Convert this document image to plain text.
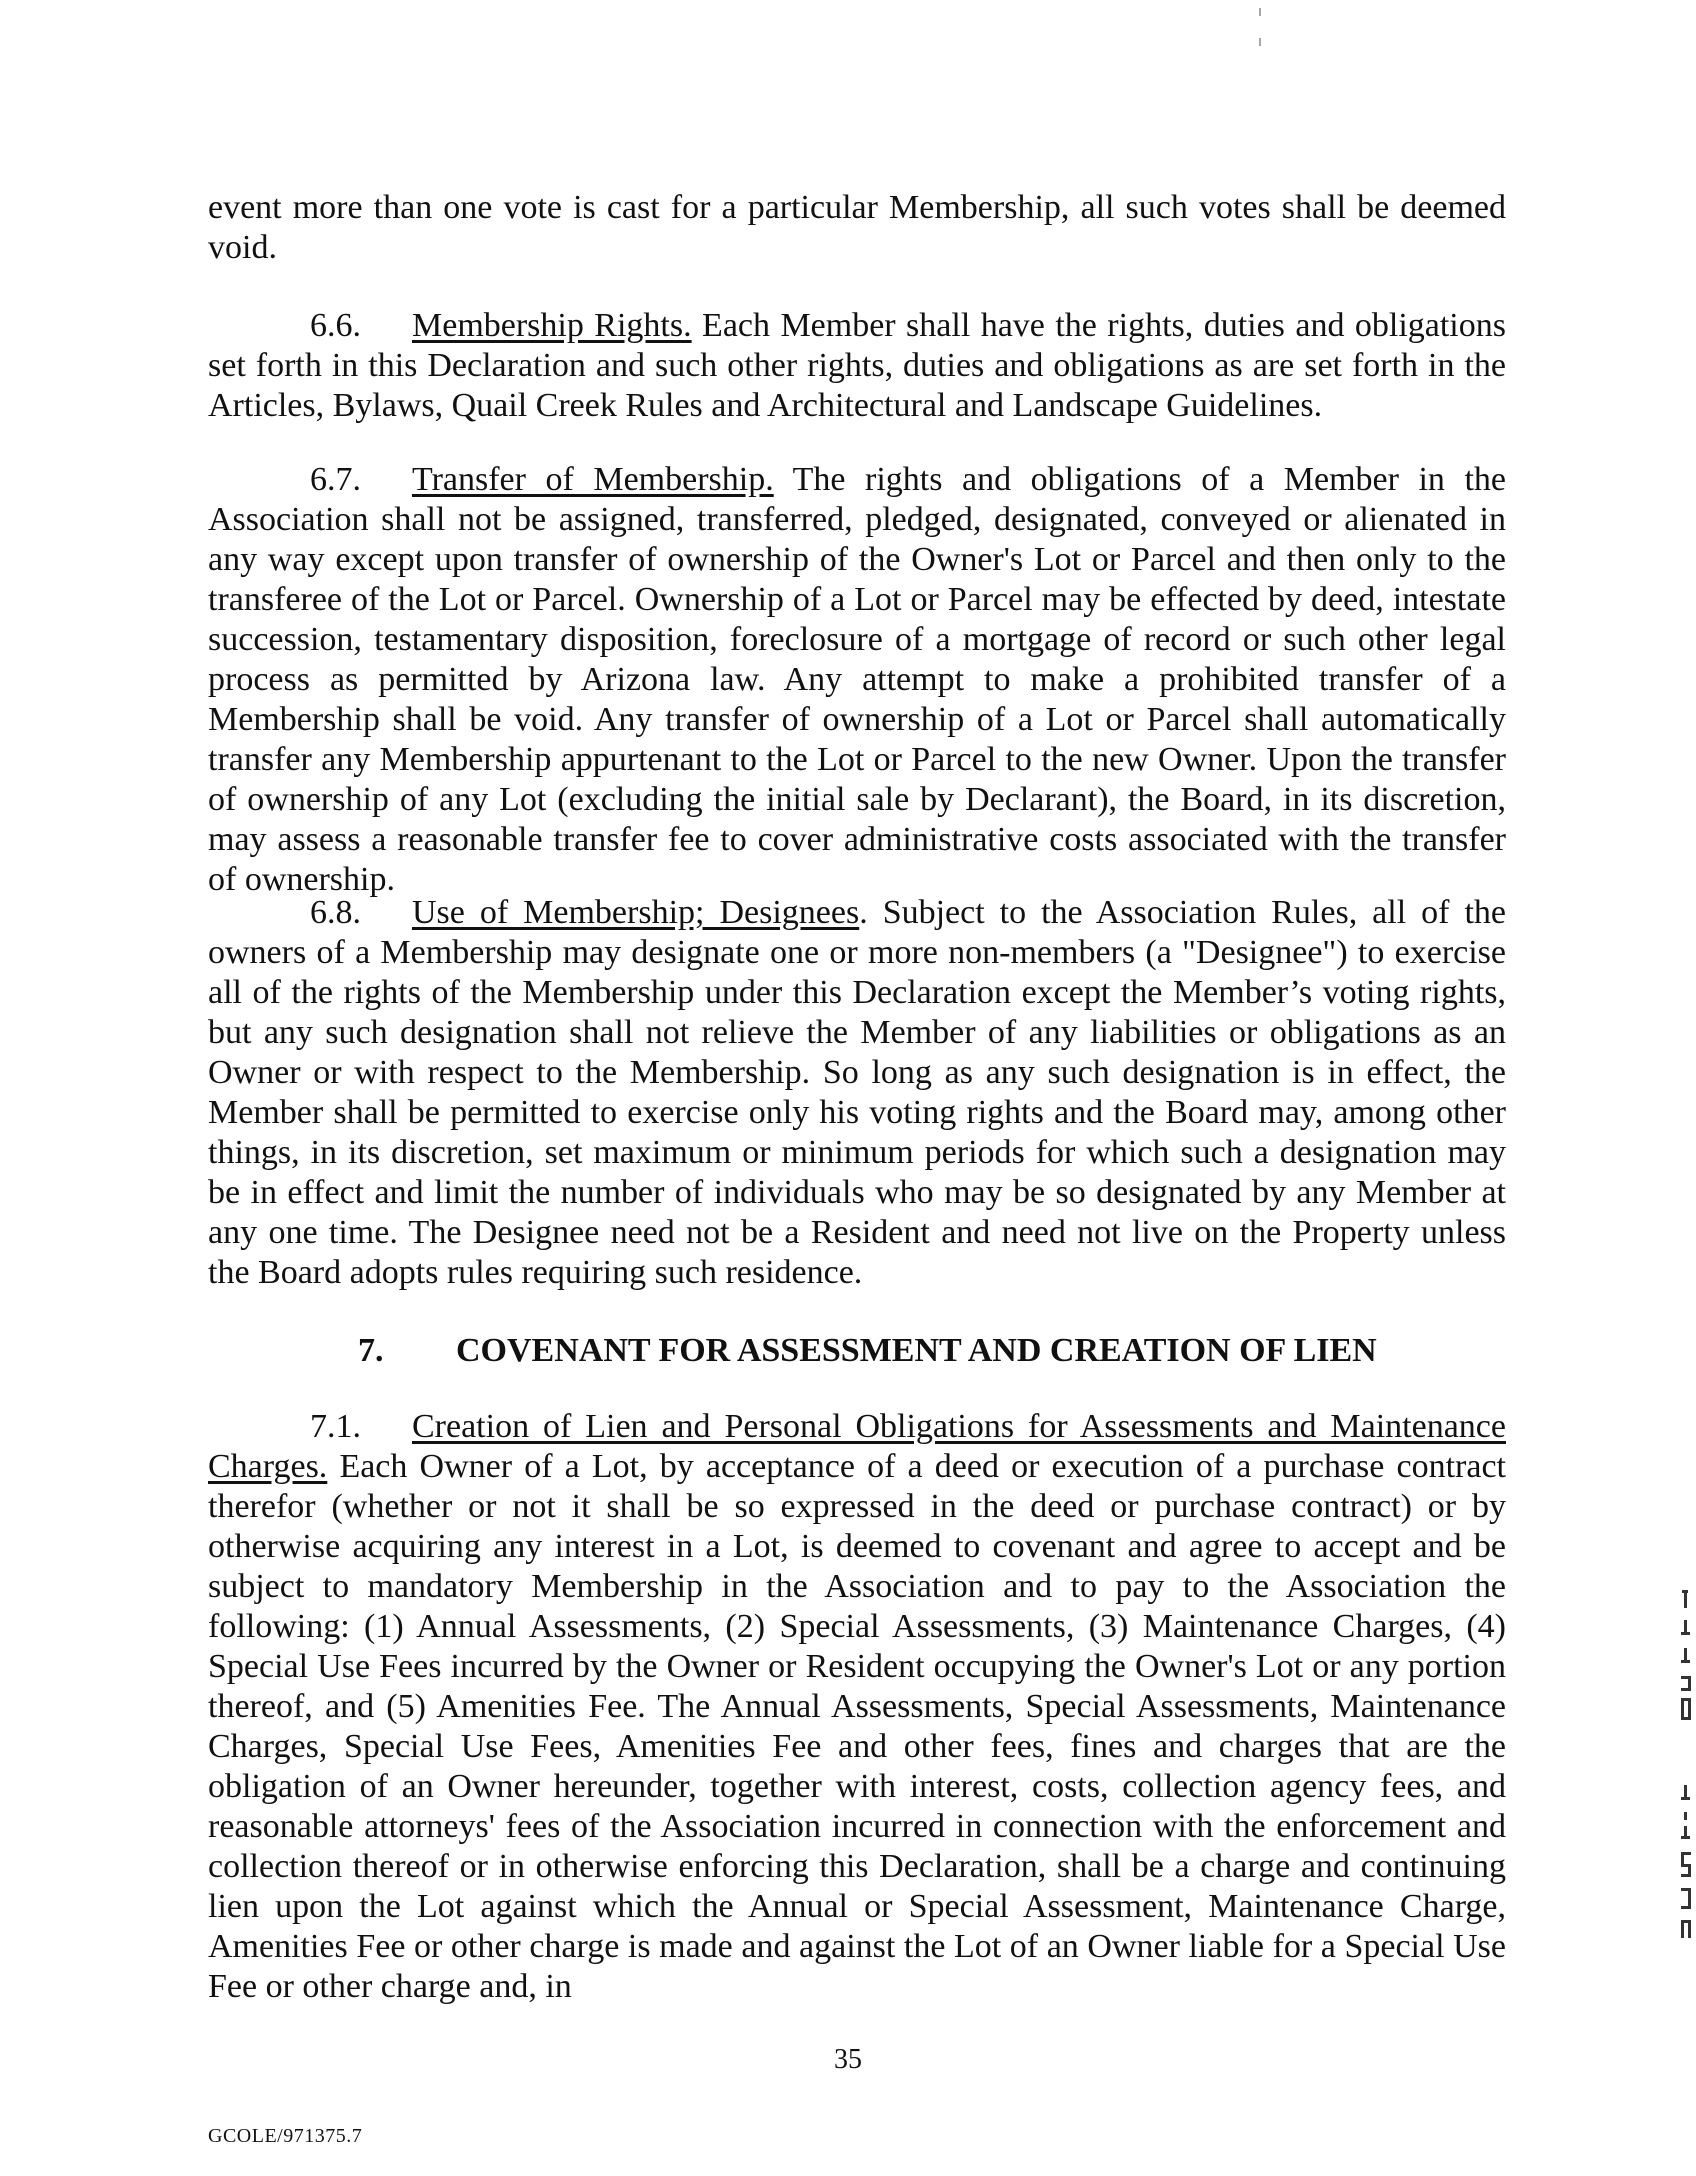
event more than one vote is cast for a particular Membership, all such votes shall be deemed void.

6.6. Membership Rights. Each Member shall have the rights, duties and obligations set forth in this Declaration and such other rights, duties and obligations as are set forth in the Articles, Bylaws, Quail Creek Rules and Architectural and Landscape Guidelines.

6.7. Transfer of Membership. The rights and obligations of a Member in the Association shall not be assigned, transferred, pledged, designated, conveyed or alienated in any way except upon transfer of ownership of the Owner's Lot or Parcel and then only to the transferee of the Lot or Parcel. Ownership of a Lot or Parcel may be effected by deed, intestate succession, testamentary disposition, foreclosure of a mortgage of record or such other legal process as permitted by Arizona law. Any attempt to make a prohibited transfer of a Membership shall be void. Any transfer of ownership of a Lot or Parcel shall automatically transfer any Membership appurtenant to the Lot or Parcel to the new Owner. Upon the transfer of ownership of any Lot (excluding the initial sale by Declarant), the Board, in its discretion, may assess a reasonable transfer fee to cover administrative costs associated with the transfer of ownership.

6.8. Use of Membership; Designees. Subject to the Association Rules, all of the owners of a Membership may designate one or more non-members (a "Designee") to exercise all of the rights of the Membership under this Declaration except the Member’s voting rights, but any such designation shall not relieve the Member of any liabilities or obligations as an Owner or with respect to the Membership. So long as any such designation is in effect, the Member shall be permitted to exercise only his voting rights and the Board may, among other things, in its discretion, set maximum or minimum periods for which such a designation may be in effect and limit the number of individuals who may be so designated by any Member at any one time. The Designee need not be a Resident and need not live on the Property unless the Board adopts rules requiring such residence.

7. COVENANT FOR ASSESSMENT AND CREATION OF LIEN

7.1. Creation of Lien and Personal Obligations for Assessments and Maintenance Charges. Each Owner of a Lot, by acceptance of a deed or execution of a purchase contract therefor (whether or not it shall be so expressed in the deed or purchase contract) or by otherwise acquiring any interest in a Lot, is deemed to covenant and agree to accept and be subject to mandatory Membership in the Association and to pay to the Association the following: (1) Annual Assessments, (2) Special Assessments, (3) Maintenance Charges, (4) Special Use Fees incurred by the Owner or Resident occupying the Owner's Lot or any portion thereof, and (5) Amenities Fee. The Annual Assessments, Special Assessments, Maintenance Charges, Special Use Fees, Amenities Fee and other fees, fines and charges that are the obligation of an Owner hereunder, together with interest, costs, collection agency fees, and reasonable attorneys' fees of the Association incurred in connection with the enforcement and collection thereof or in otherwise enforcing this Declaration, shall be a charge and continuing lien upon the Lot against which the Annual or Special Assessment, Maintenance Charge, Amenities Fee or other charge is made and against the Lot of an Owner liable for a Special Use Fee or other charge and, in

35
GCOLE/971375.7
